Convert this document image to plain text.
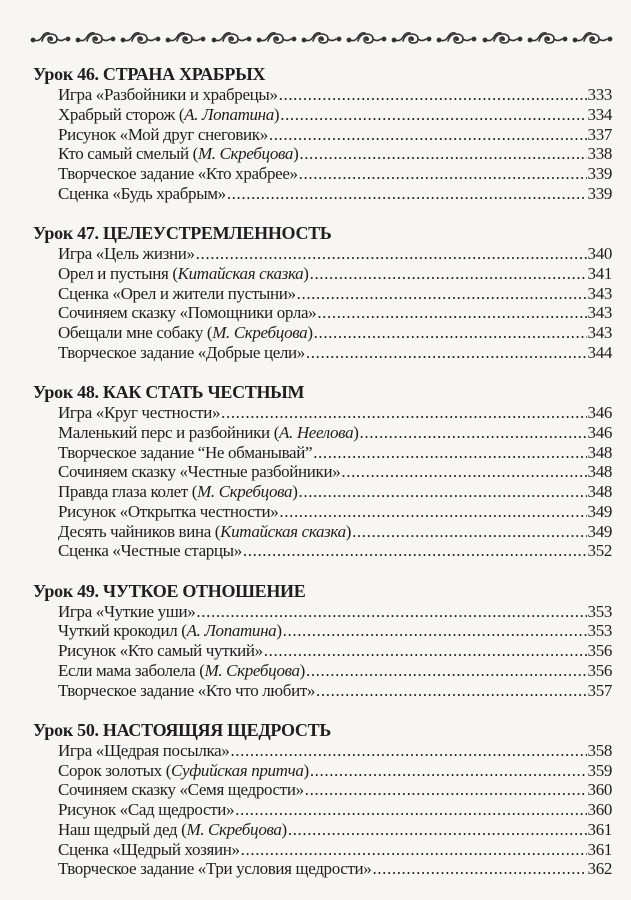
Урок 46. СТРАНА ХРАБРЫХ
Игра «Разбойники и храбрецы» .....	333
Храбрый сторож (А. Лопатина) .....	334
Рисунок «Мой друг снеговик» .....	337
Кто самый смелый (М. Скребцова) .....	338
Творческое задание «Кто храбрее» .....	339
Сценка «Будь храбрым» .....	339
Урок 47. ЦЕЛЕУСТРЕМЛЕННОСТЬ
Игра «Цель жизни» .....	340
Орел и пустыня (Китайская сказка) .....	341
Сценка «Орел и жители пустыни» .....	343
Сочиняем сказку «Помощники орла» .....	343
Обещали мне собаку (М. Скребцова) .....	343
Творческое задание «Добрые цели» .....	344
Урок 48. КАК СТАТЬ ЧЕСТНЫМ
Игра «Круг честности» .....	346
Маленький перс и разбойники (А. Неелова) .....	346
Творческое задание “Не обманывай” .....	348
Сочиняем сказку «Честные разбойники» .....	348
Правда глаза колет (М. Скребцова) .....	348
Рисунок «Открытка честности» .....	349
Десять чайников вина (Китайская сказка) .....	349
Сценка «Честные старцы» .....	352
Урок 49. ЧУТКОЕ ОТНОШЕНИЕ
Игра «Чуткие уши» .....	353
Чуткий крокодил (А. Лопатина) .....	353
Рисунок «Кто самый чуткий» .....	356
Если мама заболела (М. Скребцова) .....	356
Творческое задание «Кто что любит» .....	357
Урок 50. НАСТОЯЩЯЯ ЩЕДРОСТЬ
Игра «Щедрая посылка» .....	358
Сорок золотых (Суфийская притча) .....	359
Сочиняем сказку «Семя щедрости» .....	360
Рисунок «Сад щедрости» .....	360
Наш щедрый дед (М. Скребцова) .....	361
Сценка «Щедрый хозяин» .....	361
Творческое задание «Три условия щедрости» .....	362
